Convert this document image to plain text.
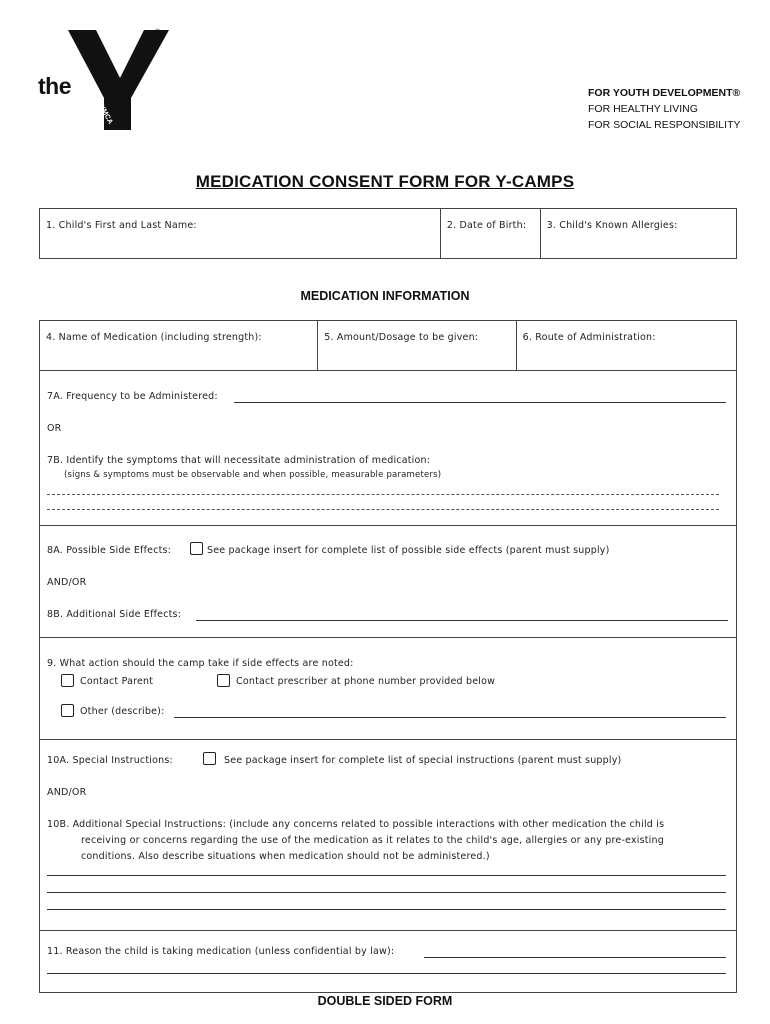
the
®
YMCA
FOR YOUTH DEVELOPMENT®
FOR HEALTHY LIVING
FOR SOCIAL RESPONSIBILITY
MEDICATION CONSENT FORM FOR Y-CAMPS
1. Child's First and Last Name:	2. Date of Birth:	3. Child's Known Allergies:
MEDICATION INFORMATION
4. Name of Medication (including strength):	5. Amount/Dosage to be given:	6. Route of Administration:
7A. Frequency to be Administered:
OR
7B. Identify the symptoms that will necessitate administration of medication:
(signs & symptoms must be observable and when possible, measurable parameters)
8A. Possible Side Effects:	See package insert for complete list of possible side effects (parent must supply)
AND/OR
8B. Additional Side Effects:
9. What action should the camp take if side effects are noted:
Contact Parent	Contact prescriber at phone number provided below
Other (describe):
10A. Special Instructions:	See package insert for complete list of special instructions (parent must supply)
AND/OR
10B. Additional Special Instructions: (include any concerns related to possible interactions with other medication the child is
receiving or concerns regarding the use of the medication as it relates to the child's age, allergies or any pre-existing
conditions. Also describe situations when medication should not be administered.)
11. Reason the child is taking medication (unless confidential by law):
DOUBLE SIDED FORM
